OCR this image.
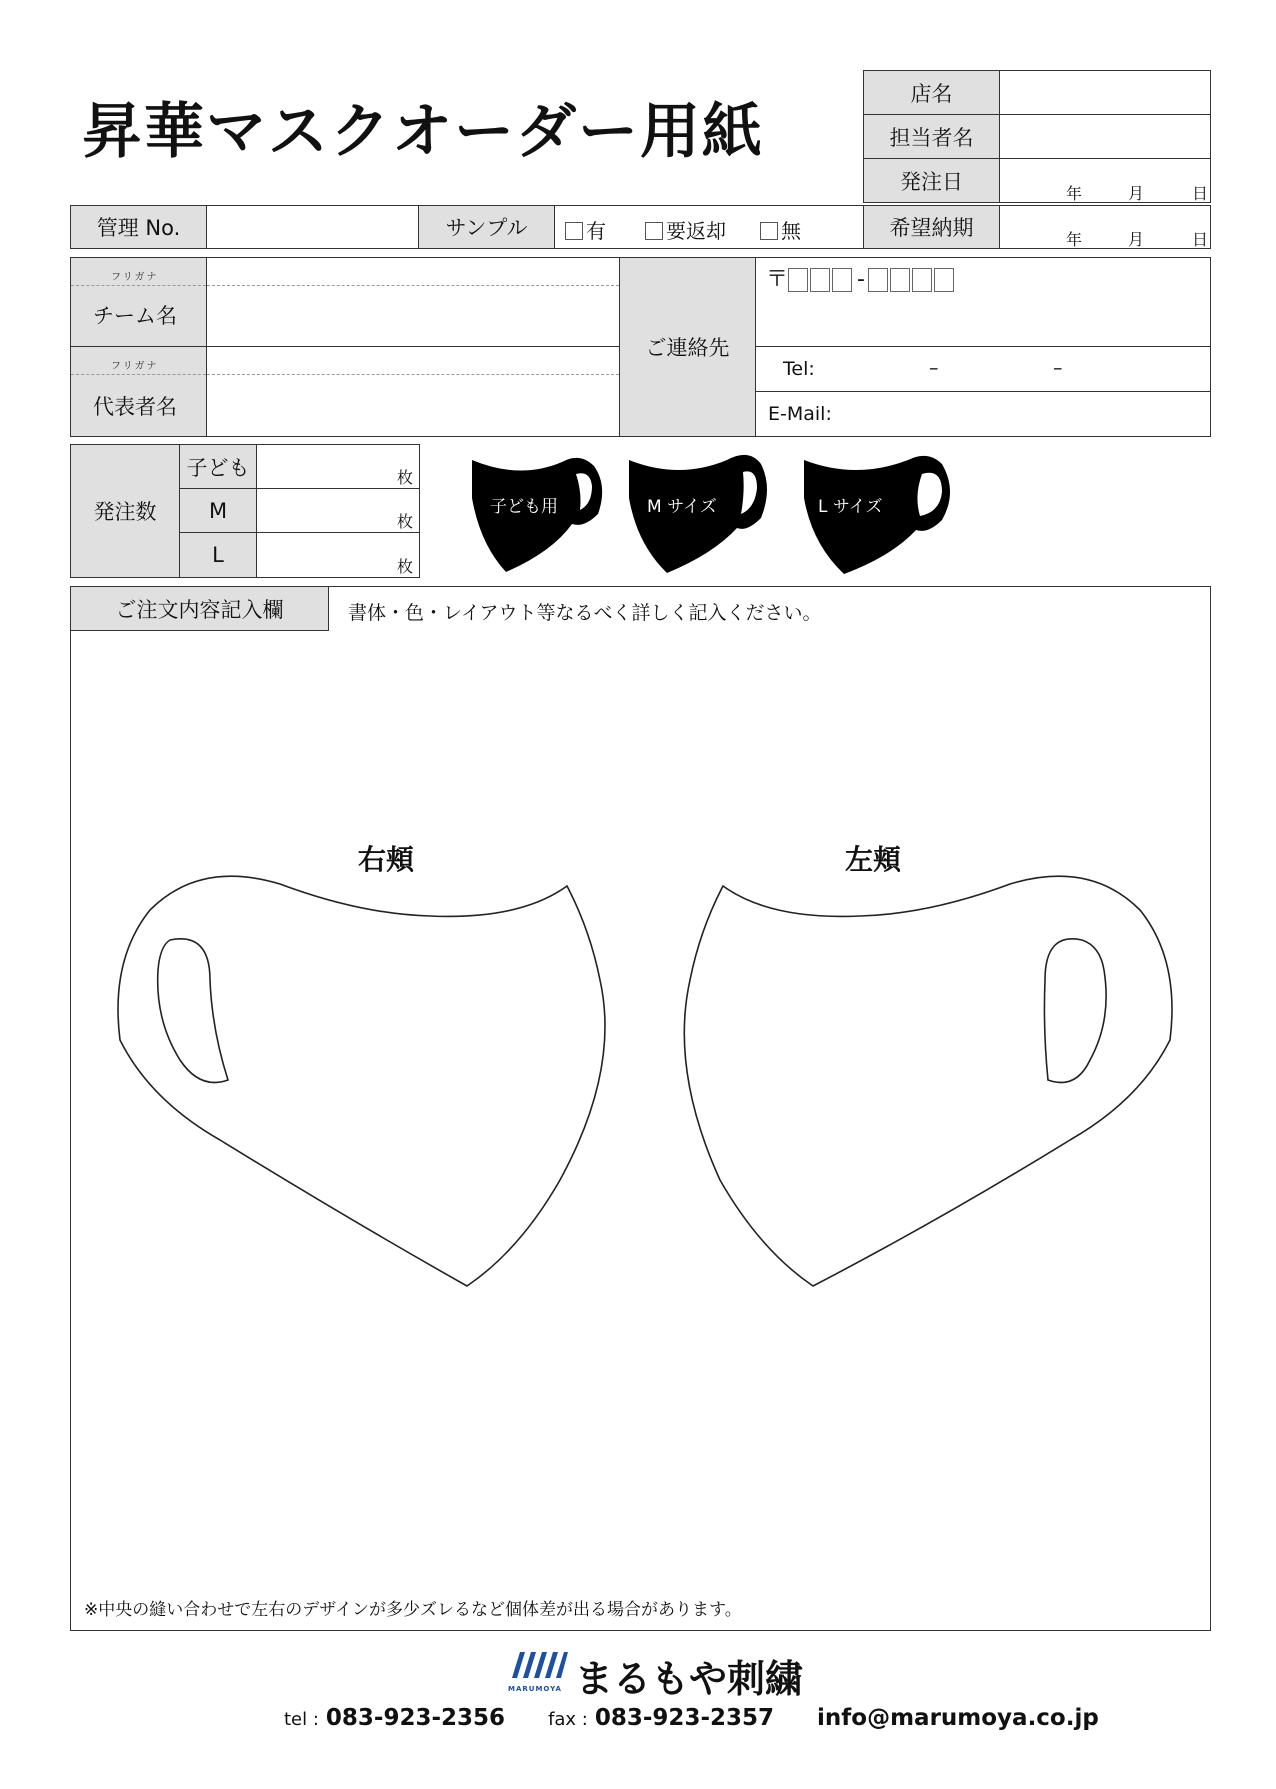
昇華マスクオーダー用紙
店名
担当者名
発注日	年	月	日
管理 No.	サンプル	有	要返却	無	希望納期	年	月	日
フリガナ
チーム名
フリガナ
代表者名
ご連絡先
〒	-
Tel:	–	–
E-Mail:
発注数
子ども	枚
M	枚
L	枚
子ども用	M サイズ	L サイズ
ご注文内容記入欄	書体・色・レイアウト等なるべく詳しく記入ください。
右頬	左頬
※中央の縫い合わせで左右のデザインが多少ズレるなど個体差が出る場合があります。
MARUMOYA まるもや刺繍
tel : 083-923-2356 fax : 083-923-2357 info@marumoya.co.jp
